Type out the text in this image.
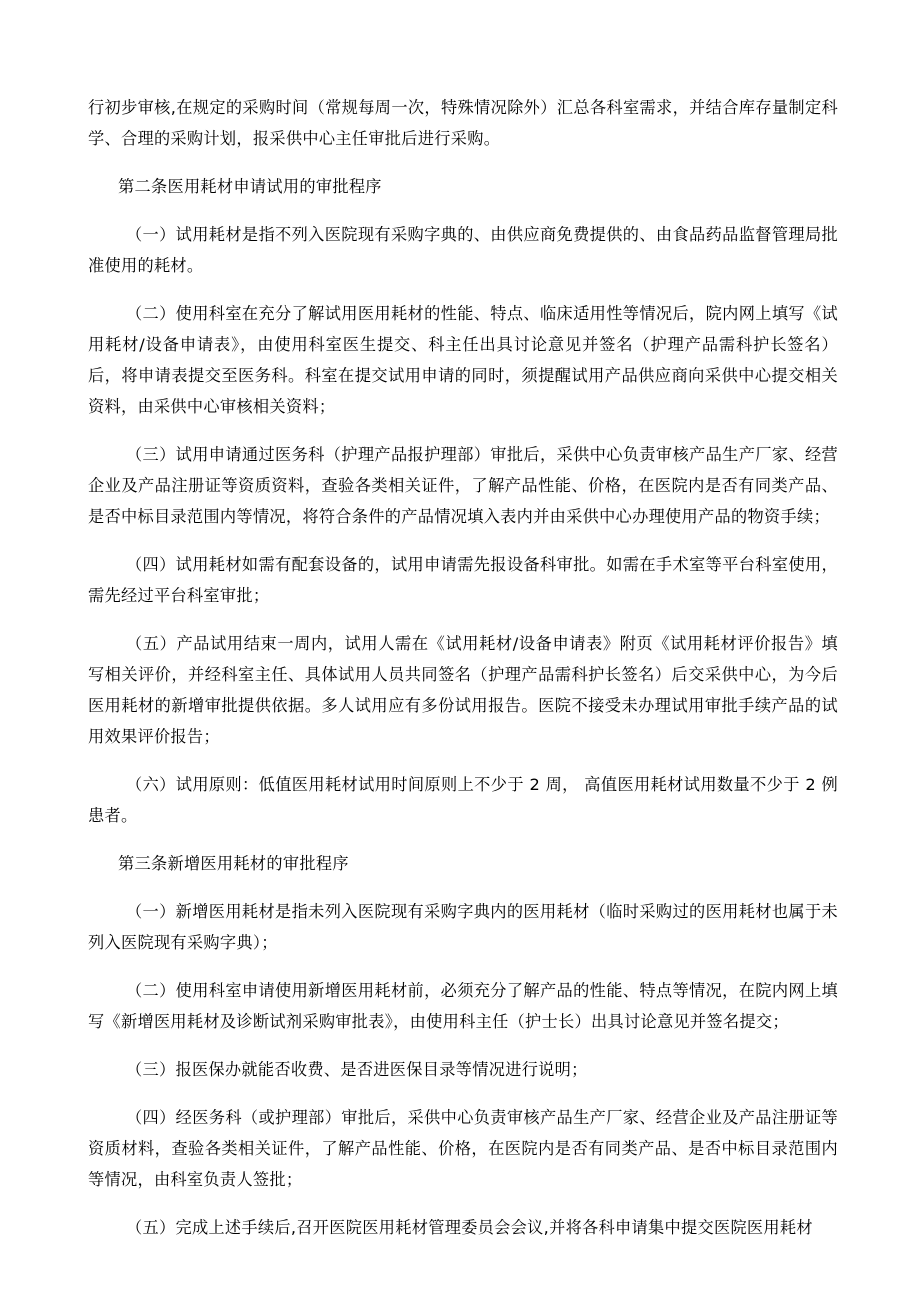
行初步审核,在规定的采购时间（常规每周一次，特殊情况除外）汇总各科室需求，并结合库存量制定科学、合理的采购计划，报采供中心主任审批后进行采购。

第二条医用耗材申请试用的审批程序

（一）试用耗材是指不列入医院现有采购字典的、由供应商免费提供的、由食品药品监督管理局批准使用的耗材。

（二）使用科室在充分了解试用医用耗材的性能、特点、临床适用性等情况后，院内网上填写《试用耗材/设备申请表》，由使用科室医生提交、科主任出具讨论意见并签名（护理产品需科护长签名）后，将申请表提交至医务科。科室在提交试用申请的同时，须提醒试用产品供应商向采供中心提交相关资料，由采供中心审核相关资料；

（三）试用申请通过医务科（护理产品报护理部）审批后，采供中心负责审核产品生产厂家、经营企业及产品注册证等资质资料，查验各类相关证件，了解产品性能、价格，在医院内是否有同类产品、是否中标目录范围内等情况，将符合条件的产品情况填入表内并由采供中心办理使用产品的物资手续；

（四）试用耗材如需有配套设备的，试用申请需先报设备科审批。如需在手术室等平台科室使用，需先经过平台科室审批；

（五）产品试用结束一周内，试用人需在《试用耗材/设备申请表》附页《试用耗材评价报告》填写相关评价，并经科室主任、具体试用人员共同签名（护理产品需科护长签名）后交采供中心，为今后医用耗材的新增审批提供依据。多人试用应有多份试用报告。医院不接受未办理试用审批手续产品的试用效果评价报告；

（六）试用原则：低值医用耗材试用时间原则上不少于 2 周， 高值医用耗材试用数量不少于 2 例患者。

第三条新增医用耗材的审批程序

（一）新增医用耗材是指未列入医院现有采购字典内的医用耗材（临时采购过的医用耗材也属于未列入医院现有采购字典）；

（二）使用科室申请使用新增医用耗材前，必须充分了解产品的性能、特点等情况，在院内网上填写《新增医用耗材及诊断试剂采购审批表》，由使用科主任（护士长）出具讨论意见并签名提交；

（三）报医保办就能否收费、是否进医保目录等情况进行说明；

（四）经医务科（或护理部）审批后，采供中心负责审核产品生产厂家、经营企业及产品注册证等资质材料，查验各类相关证件，了解产品性能、价格，在医院内是否有同类产品、是否中标目录范围内等情况，由科室负责人签批；

（五）完成上述手续后,召开医院医用耗材管理委员会会议,并将各科申请集中提交医院医用耗材
